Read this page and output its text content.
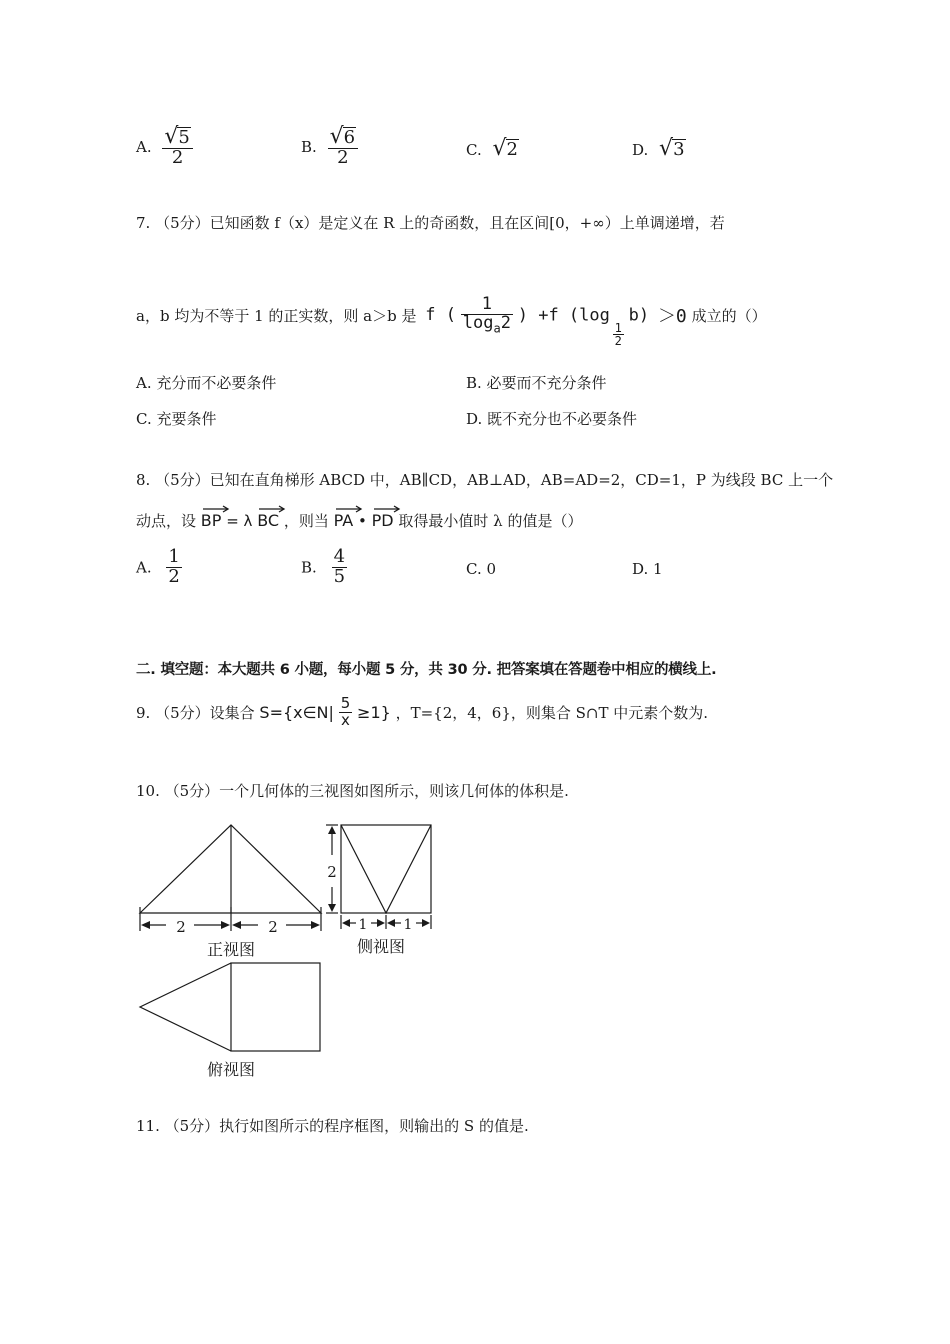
A. $\frac{√ 5}{2}$	B. $\frac{√ 6}{2}$	C. √ 2	D. √ 3
7. （5分）已知函数 f（x）是定义在 R 上的奇函数，且在区间[0，+∞）上单调递增，若
a，b 均为不等于 1 的正实数，则 a＞b 是 f ( $\frac{1}{\log_a2}$ ) +f (log
$\frac{1}{2}$
b) ＞0 成立的（）
A. 充分而不必要条件	B. 必要而不充分条件
C. 充要条件	D. 既不充分也不必要条件
8. （5分）已知在直角梯形 ABCD 中，AB∥CD，AB⊥AD，AB=AD=2，CD=1，P 为线段 BC 上一个
动点，设 BP = λ BC ，则当 PA • PD 取得最小值时 λ 的值是（）
A. $\frac{1}{2}$	B. $\frac{4}{5}$	C. 0	D. 1
二. 填空题：本大题共 6 小题，每小题 5 分，共 30 分. 把答案填在答题卷中相应的横线上.
9. （5分）设集合 S={x∈N| $\frac{5}{x} \ge 1$} ，T={2，4，6}，则集合 S∩T 中元素个数为.
10. （5分）一个几何体的三视图如图所示，则该几何体的体积是.
2	2
正视图
2
1	1
侧视图
俯视图
11. （5分）执行如图所示的程序框图，则输出的 S 的值是.
